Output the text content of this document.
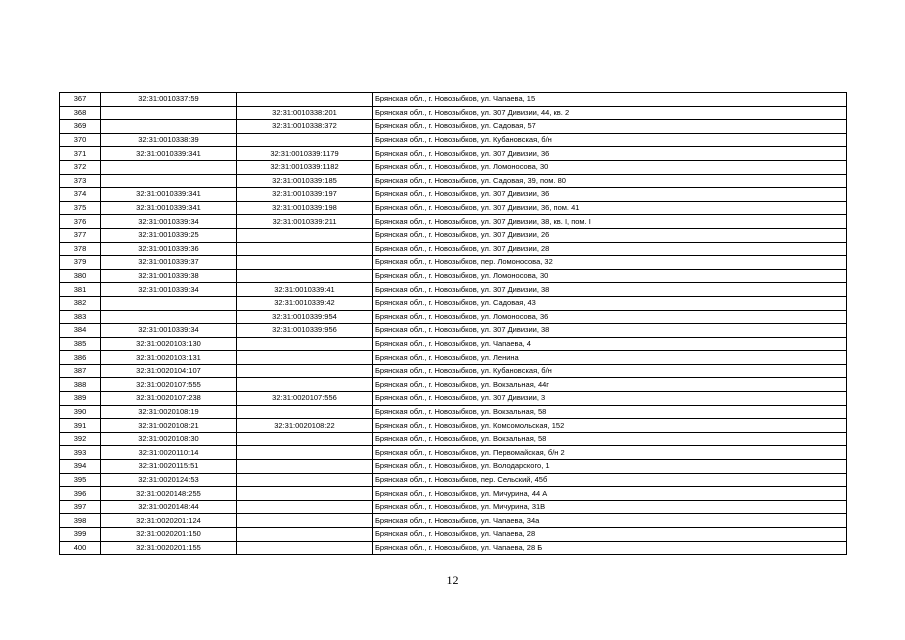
367	32:31:0010337:59		Брянская обл., г. Новозыбков, ул. Чапаева, 15
368		32:31:0010338:201	Брянская обл., г. Новозыбков, ул. 307 Дивизии, 44, кв. 2
369		32:31:0010338:372	Брянская обл., г. Новозыбков, ул. Садовая, 57
370	32:31:0010338:39		Брянская обл., г. Новозыбков, ул. Кубановская, б/н
371	32:31:0010339:341	32:31:0010339:1179	Брянская обл., г. Новозыбков, ул. 307 Дивизии, 36
372		32:31:0010339:1182	Брянская обл., г. Новозыбков, ул. Ломоносова, 30
373		32:31:0010339:185	Брянская обл., г. Новозыбков, ул. Садовая, 39, пом. 80
374	32:31:0010339:341	32:31:0010339:197	Брянская обл., г. Новозыбков, ул. 307 Дивизии, 36
375	32:31:0010339:341	32:31:0010339:198	Брянская обл., г. Новозыбков, ул. 307 Дивизии, 36, пом. 41
376	32:31:0010339:34	32:31:0010339:211	Брянская обл., г. Новозыбков, ул. 307 Дивизии, 38, кв. I, пом. I
377	32:31:0010339:25		Брянская обл., г. Новозыбков, ул. 307 Дивизии, 26
378	32:31:0010339:36		Брянская обл., г. Новозыбков, ул. 307 Дивизии, 28
379	32:31:0010339:37		Брянская обл., г. Новозыбков, пер. Ломоносова, 32
380	32:31:0010339:38		Брянская обл., г. Новозыбков, ул. Ломоносова, 30
381	32:31:0010339:34	32:31:0010339:41	Брянская обл., г. Новозыбков, ул. 307 Дивизии, 38
382		32:31:0010339:42	Брянская обл., г. Новозыбков, ул. Садовая, 43
383		32:31:0010339:954	Брянская обл., г. Новозыбков, ул. Ломоносова, 36
384	32:31:0010339:34	32:31:0010339:956	Брянская обл., г. Новозыбков, ул. 307 Дивизии, 38
385	32:31:0020103:130		Брянская обл., г. Новозыбков, ул. Чапаева, 4
386	32:31:0020103:131		Брянская обл., г. Новозыбков, ул. Ленина
387	32:31:0020104:107		Брянская обл., г. Новозыбков, ул. Кубановская, б/н
388	32:31:0020107:555		Брянская обл., г. Новозыбков, ул. Вокзальная, 44г
389	32:31:0020107:238	32:31:0020107:556	Брянская обл., г. Новозыбков, ул. 307 Дивизии, 3
390	32:31:0020108:19		Брянская обл., г. Новозыбков, ул. Вокзальная, 58
391	32:31:0020108:21	32:31:0020108:22	Брянская обл., г. Новозыбков, ул. Комсомольская, 152
392	32:31:0020108:30		Брянская обл., г. Новозыбков, ул. Вокзальная, 58
393	32:31:0020110:14		Брянская обл., г. Новозыбков, ул. Первомайская, б/н 2
394	32:31:0020115:51		Брянская обл., г. Новозыбков, ул. Володарского, 1
395	32:31:0020124:53		Брянская обл., г. Новозыбков, пер. Сельский, 45б
396	32:31:0020148:255		Брянская обл., г. Новозыбков, ул. Мичурина, 44 А
397	32:31:0020148:44		Брянская обл., г. Новозыбков, ул. Мичурина, 31В
398	32:31:0020201:124		Брянская обл., г. Новозыбков, ул. Чапаева, 34а
399	32:31:0020201:150		Брянская обл., г. Новозыбков, ул. Чапаева, 28
400	32:31:0020201:155		Брянская обл., г. Новозыбков, ул. Чапаева, 28 Б
12
